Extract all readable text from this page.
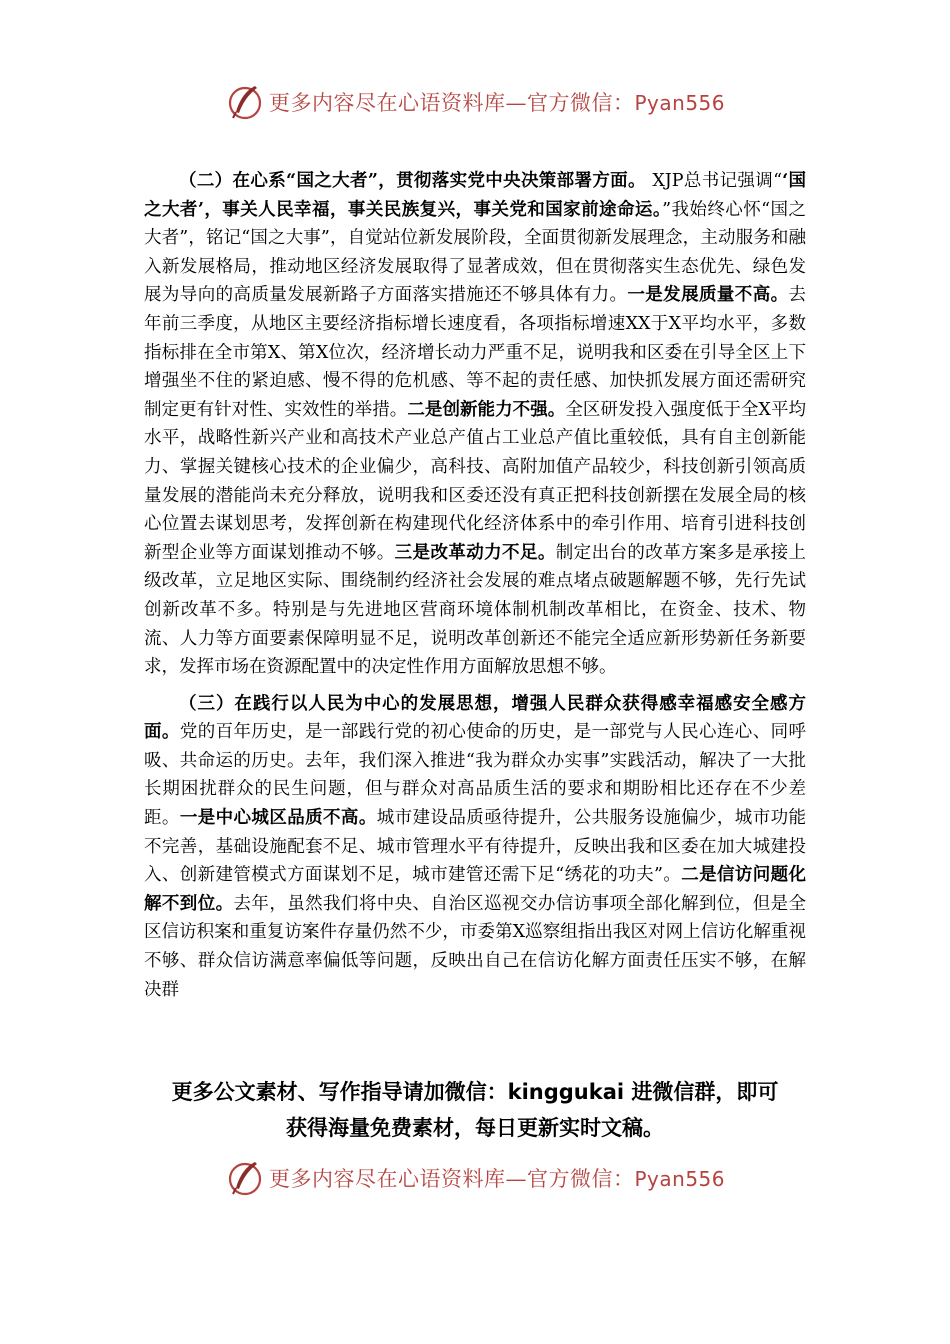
更多内容尽在心语资料库—官方微信：Pyan556

（二）在心系“国之大者”，贯彻落实党中央决策部署方面。 XJP总书记强调“‘国之大者’，事关人民幸福，事关民族复兴，事关党和国家前途命运。”我始终心怀“国之大者”，铭记“国之大事”，自觉站位新发展阶段，全面贯彻新发展理念，主动服务和融入新发展格局，推动地区经济发展取得了显著成效，但在贯彻落实生态优先、绿色发展为导向的高质量发展新路子方面落实措施还不够具体有力。一是发展质量不高。去年前三季度，从地区主要经济指标增长速度看，各项指标增速XX于X平均水平，多数指标排在全市第X、第X位次，经济增长动力严重不足，说明我和区委在引导全区上下增强坐不住的紧迫感、慢不得的危机感、等不起的责任感、加快抓发展方面还需研究制定更有针对性、实效性的举措。二是创新能力不强。全区研发投入强度低于全X平均水平，战略性新兴产业和高技术产业总产值占工业总产值比重较低，具有自主创新能力、掌握关键核心技术的企业偏少，高科技、高附加值产品较少，科技创新引领高质量发展的潜能尚未充分释放，说明我和区委还没有真正把科技创新摆在发展全局的核心位置去谋划思考，发挥创新在构建现代化经济体系中的牵引作用、培育引进科技创新型企业等方面谋划推动不够。三是改革动力不足。制定出台的改革方案多是承接上级改革，立足地区实际、围绕制约经济社会发展的难点堵点破题解题不够，先行先试创新改革不多。特别是与先进地区营商环境体制机制改革相比，在资金、技术、物流、人力等方面要素保障明显不足，说明改革创新还不能完全适应新形势新任务新要求，发挥市场在资源配置中的决定性作用方面解放思想不够。

（三）在践行以人民为中心的发展思想，增强人民群众获得感幸福感安全感方面。党的百年历史，是一部践行党的初心使命的历史，是一部党与人民心连心、同呼吸、共命运的历史。去年，我们深入推进“我为群众办实事”实践活动，解决了一大批长期困扰群众的民生问题，但与群众对高品质生活的要求和期盼相比还存在不少差距。一是中心城区品质不高。城市建设品质亟待提升，公共服务设施偏少，城市功能不完善，基础设施配套不足、城市管理水平有待提升，反映出我和区委在加大城建投入、创新建管模式方面谋划不足，城市建管还需下足“绣花的功夫”。二是信访问题化解不到位。去年，虽然我们将中央、自治区巡视交办信访事项全部化解到位，但是全区信访积案和重复访案件存量仍然不少，市委第X巡察组指出我区对网上信访化解重视不够、群众信访满意率偏低等问题，反映出自己在信访化解方面责任压实不够，在解决群

更多公文素材、写作指导请加微信：kinggukai 进微信群，即可
获得海量免费素材，每日更新实时文稿。
更多内容尽在心语资料库—官方微信：Pyan556
